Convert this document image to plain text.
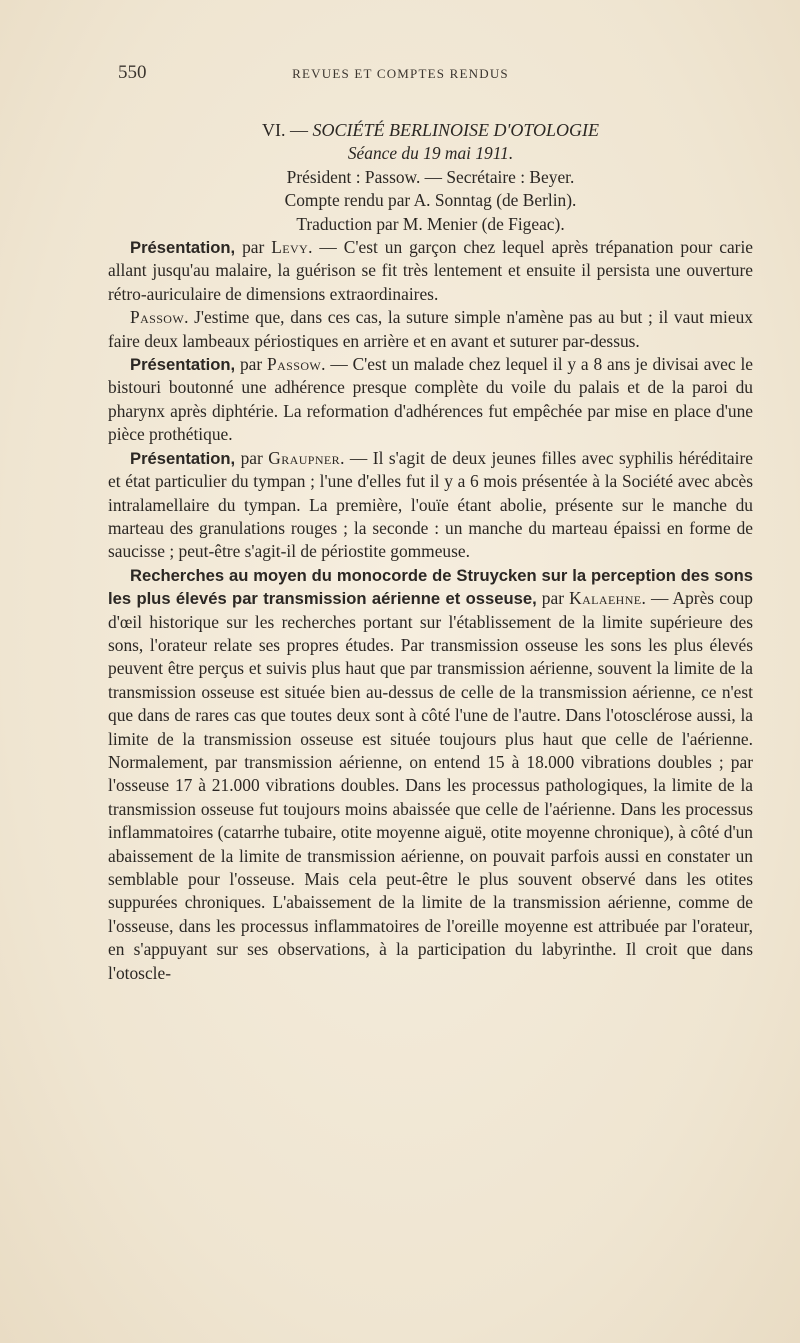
550	REVUES ET COMPTES RENDUS
VI. — SOCIÉTÉ BERLINOISE D'OTOLOGIE
Séance du 19 mai 1911.
Président : Passow. — Secrétaire : Beyer.
Compte rendu par A. Sonntag (de Berlin).
Traduction par M. Menier (de Figeac).

Présentation, par Levy. — C'est un garçon chez lequel après trépanation pour carie allant jusqu'au malaire, la guérison se fit très lentement et ensuite il persista une ouverture rétro-auriculaire de dimensions extraordinaires.

Passow. J'estime que, dans ces cas, la suture simple n'amène pas au but ; il vaut mieux faire deux lambeaux périostiques en arrière et en avant et suturer par-dessus.

Présentation, par Passow. — C'est un malade chez lequel il y a 8 ans je divisai avec le bistouri boutonné une adhérence presque complète du voile du palais et de la paroi du pharynx après diphtérie. La reformation d'adhérences fut empêchée par mise en place d'une pièce prothétique.

Présentation, par Graupner. — Il s'agit de deux jeunes filles avec syphilis héréditaire et état particulier du tympan ; l'une d'elles fut il y a 6 mois présentée à la Société avec abcès intralamellaire du tympan. La première, l'ouïe étant abolie, présente sur le manche du marteau des granulations rouges ; la seconde : un manche du marteau épaissi en forme de saucisse ; peut-être s'agit-il de périostite gommeuse.

Recherches au moyen du monocorde de Struycken sur la perception des sons les plus élevés par transmission aérienne et osseuse, par Kalaehne. — Après coup d'œil historique sur les recherches portant sur l'établissement de la limite supérieure des sons, l'orateur relate ses propres études. Par transmission osseuse les sons les plus élevés peuvent être perçus et suivis plus haut que par transmission aérienne, souvent la limite de la transmission osseuse est située bien au-dessus de celle de la transmission aérienne, ce n'est que dans de rares cas que toutes deux sont à côté l'une de l'autre. Dans l'otosclérose aussi, la limite de la transmission osseuse est située toujours plus haut que celle de l'aérienne. Normalement, par transmission aérienne, on entend 15 à 18.000 vibrations doubles ; par l'osseuse 17 à 21.000 vibrations doubles. Dans les processus pathologiques, la limite de la transmission osseuse fut toujours moins abaissée que celle de l'aérienne. Dans les processus inflammatoires (catarrhe tubaire, otite moyenne aiguë, otite moyenne chronique), à côté d'un abaissement de la limite de transmission aérienne, on pouvait parfois aussi en constater un semblable pour l'osseuse. Mais cela peut-être le plus souvent observé dans les otites suppurées chroniques. L'abaissement de la limite de la transmission aérienne, comme de l'osseuse, dans les processus inflammatoires de l'oreille moyenne est attribuée par l'orateur, en s'appuyant sur ses observations, à la participation du labyrinthe. Il croit que dans l'otoscle-
